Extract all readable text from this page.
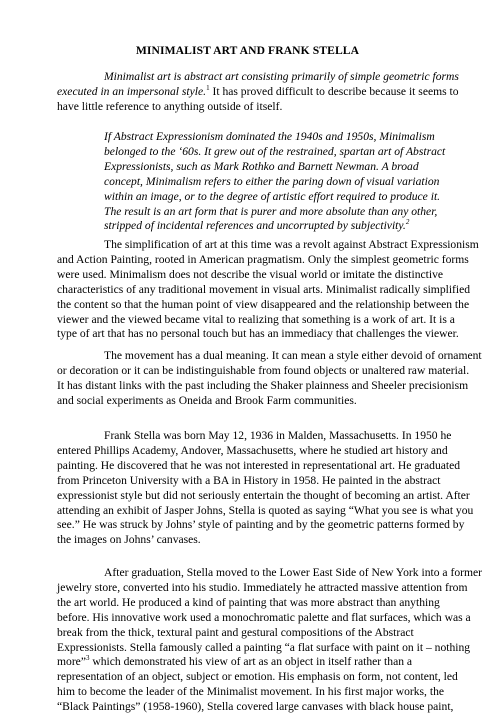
MINIMALIST ART AND FRANK STELLA
Minimalist art is abstract art consisting primarily of simple geometric forms
executed in an impersonal style.$^1$ It has proved difficult to describe because it seems to
have little reference to anything outside of itself.
If Abstract Expressionism dominated the 1940s and 1950s, Minimalism
belonged to the ‘60s. It grew out of the restrained, spartan art of Abstract
Expressionists, such as Mark Rothko and Barnett Newman. A broad
concept, Minimalism refers to either the paring down of visual variation
within an image, or to the degree of artistic effort required to produce it.
The result is an art form that is purer and more absolute than any other,
stripped of incidental references and uncorrupted by subjectivity.$^2$
The simplification of art at this time was a revolt against Abstract Expressionism
and Action Painting, rooted in American pragmatism. Only the simplest geometric forms
were used. Minimalism does not describe the visual world or imitate the distinctive
characteristics of any traditional movement in visual arts. Minimalist radically simplified
the content so that the human point of view disappeared and the relationship between the
viewer and the viewed became vital to realizing that something is a work of art. It is a
type of art that has no personal touch but has an immediacy that challenges the viewer.
The movement has a dual meaning. It can mean a style either devoid of ornament
or decoration or it can be indistinguishable from found objects or unaltered raw material.
It has distant links with the past including the Shaker plainness and Sheeler precisionism
and social experiments as Oneida and Brook Farm communities.
Frank Stella was born May 12, 1936 in Malden, Massachusetts. In 1950 he
entered Phillips Academy, Andover, Massachusetts, where he studied art history and
painting. He discovered that he was not interested in representational art. He graduated
from Princeton University with a BA in History in 1958. He painted in the abstract
expressionist style but did not seriously entertain the thought of becoming an artist. After
attending an exhibit of Jasper Johns, Stella is quoted as saying “What you see is what you
see.” He was struck by Johns’ style of painting and by the geometric patterns formed by
the images on Johns’ canvases.
After graduation, Stella moved to the Lower East Side of New York into a former
jewelry store, converted into his studio. Immediately he attracted massive attention from
the art world. He produced a kind of painting that was more abstract than anything
before. His innovative work used a monochromatic palette and flat surfaces, which was a
break from the thick, textural paint and gestural compositions of the Abstract
Expressionists. Stella famously called a painting “a flat surface with paint on it – nothing
more”$^3$ which demonstrated his view of art as an object in itself rather than a
representation of an object, subject or emotion. His emphasis on form, not content, led
him to become the leader of the Minimalist movement. In his first major works, the
“Black Paintings” (1958-1960), Stella covered large canvases with black house paint,
